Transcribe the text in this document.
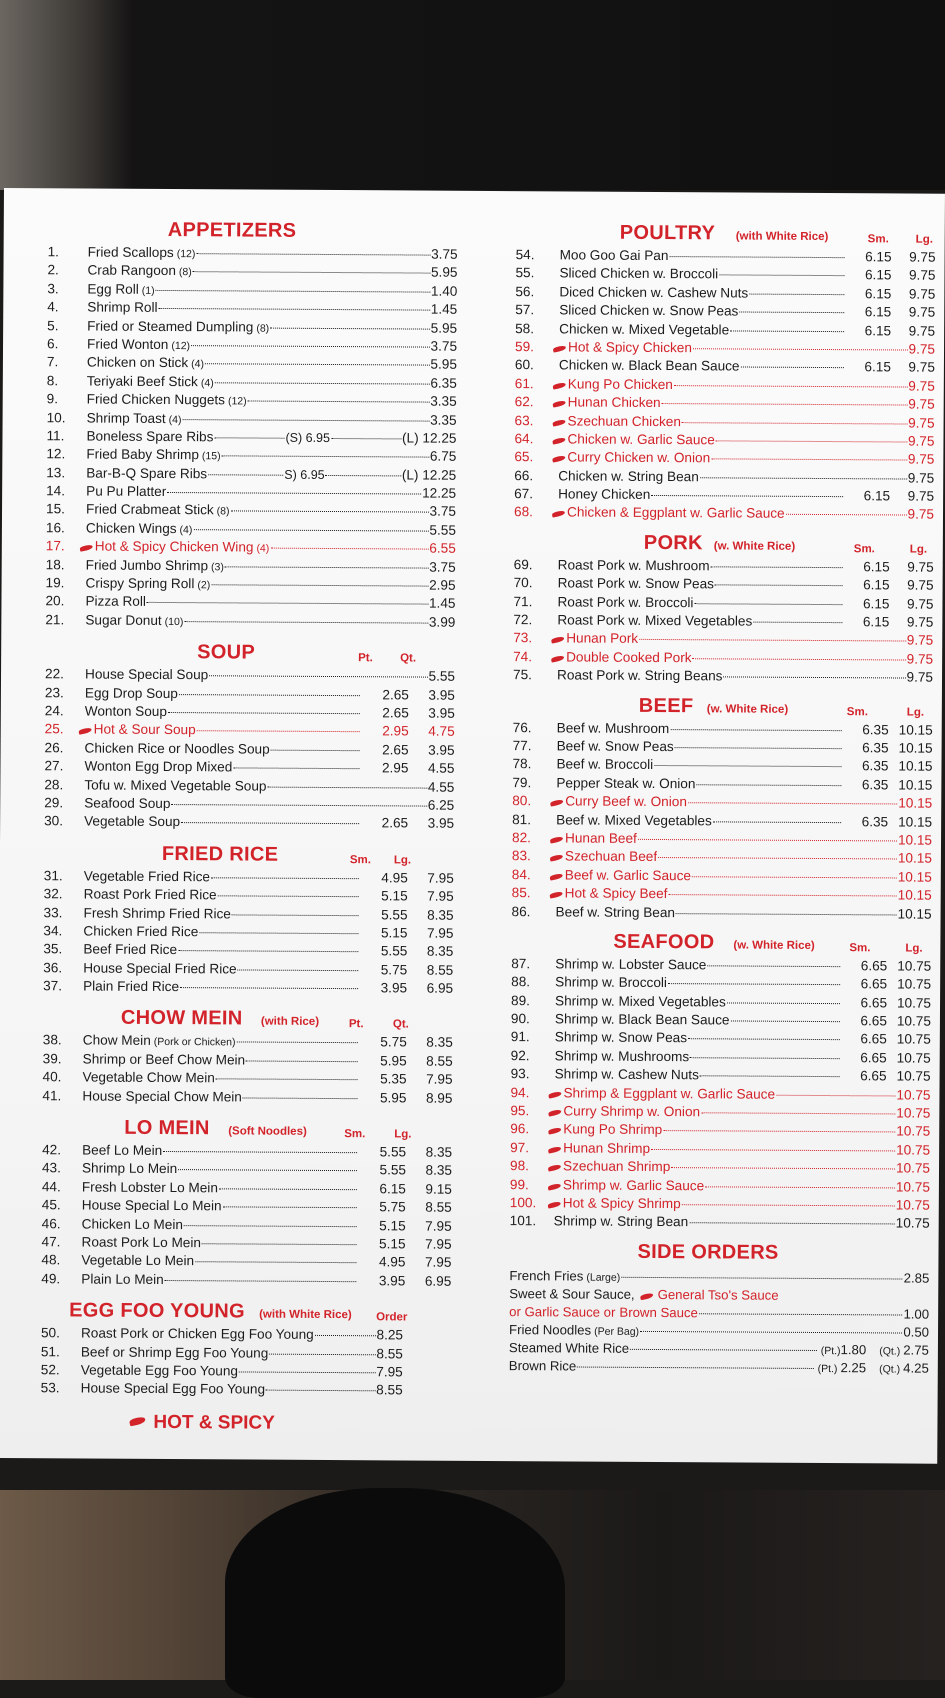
APPETIZERS
1.	Fried Scallops (12)	3.75
2.	Crab Rangoon (8)	5.95
3.	Egg Roll (1)	1.40
4.	Shrimp Roll	1.45
5.	Fried or Steamed Dumpling (8)	5.95
6.	Fried Wonton (12)	3.75
7.	Chicken on Stick (4)	5.95
8.	Teriyaki Beef Stick (4)	6.35
9.	Fried Chicken Nuggets (12)	3.35
10.	Shrimp Toast (4)	3.35
11.	Boneless Spare Ribs	(S) 6.95	(L) 12.25
12.	Fried Baby Shrimp (15)	6.75
13.	Bar-B-Q Spare Ribs	S) 6.95	(L) 12.25
14.	Pu Pu Platter	12.25
15.	Fried Crabmeat Stick (8)	3.75
16.	Chicken Wings (4)	5.55
17.	Hot & Spicy Chicken Wing (4)	6.55
18.	Fried Jumbo Shrimp (3)	3.75
19.	Crispy Spring Roll (2)	2.95
20.	Pizza Roll	1.45
21.	Sugar Donut (10)	3.99
SOUP	Pt. Qt.
22.	House Special Soup	5.55
23.	Egg Drop Soup	2.65	3.95
24.	Wonton Soup	2.65	3.95
25.	Hot & Sour Soup	2.95	4.75
26.	Chicken Rice or Noodles Soup	2.65	3.95
27.	Wonton Egg Drop Mixed	2.95	4.55
28.	Tofu w. Mixed Vegetable Soup	4.55
29.	Seafood Soup	6.25
30.	Vegetable Soup	2.65	3.95
FRIED RICE	Sm. Lg.
31.	Vegetable Fried Rice	4.95	7.95
32.	Roast Pork Fried Rice	5.15	7.95
33.	Fresh Shrimp Fried Rice	5.55	8.35
34.	Chicken Fried Rice	5.15	7.95
35.	Beef Fried Rice	5.55	8.35
36.	House Special Fried Rice	5.75	8.55
37.	Plain Fried Rice	3.95	6.95
CHOW MEIN (with Rice)	Pt.	Qt.
38.	Chow Mein (Pork or Chicken)	5.75	8.35
39.	Shrimp or Beef Chow Mein	5.95	8.55
40.	Vegetable Chow Mein	5.35	7.95
41.	House Special Chow Mein	5.95	8.95
LO MEIN (Soft Noodles)	Sm.	Lg.
42.	Beef Lo Mein	5.55	8.35
43.	Shrimp Lo Mein	5.55	8.35
44.	Fresh Lobster Lo Mein	6.15	9.15
45.	House Special Lo Mein	5.75	8.55
46.	Chicken Lo Mein	5.15	7.95
47.	Roast Pork Lo Mein	5.15	7.95
48.	Vegetable Lo Mein	4.95	7.95
49.	Plain Lo Mein	3.95	6.95
EGG FOO YOUNG (with White Rice) Order
50.	Roast Pork or Chicken Egg Foo Young	8.25
51.	Beef or Shrimp Egg Foo Young	8.55
52.	Vegetable Egg Foo Young	7.95
53.	House Special Egg Foo Young	8.55
HOT & SPICY
POULTRY (with White Rice)	Sm. Lg.
54.	Moo Goo Gai Pan	6.15	9.75
55.	Sliced Chicken w. Broccoli	6.15	9.75
56.	Diced Chicken w. Cashew Nuts	6.15	9.75
57.	Sliced Chicken w. Snow Peas	6.15	9.75
58.	Chicken w. Mixed Vegetable	6.15	9.75
59.	Hot & Spicy Chicken	9.75
60.	Chicken w. Black Bean Sauce	6.15	9.75
61.	Kung Po Chicken	9.75
62.	Hunan Chicken	9.75
63.	Szechuan Chicken	9.75
64.	Chicken w. Garlic Sauce	9.75
65.	Curry Chicken w. Onion	9.75
66.	Chicken w. String Bean	9.75
67.	Honey Chicken	6.15	9.75
68.	Chicken & Eggplant w. Garlic Sauce	9.75
PORK (w. White Rice)	Sm.	Lg.
69.	Roast Pork w. Mushroom	6.15	9.75
70.	Roast Pork w. Snow Peas	6.15	9.75
71.	Roast Pork w. Broccoli	6.15	9.75
72.	Roast Pork w. Mixed Vegetables	6.15	9.75
73.	Hunan Pork	9.75
74.	Double Cooked Pork	9.75
75.	Roast Pork w. String Beans	9.75
BEEF (w. White Rice)	Sm.	Lg.
76.	Beef w. Mushroom	6.35 10.15
77.	Beef w. Snow Peas	6.35 10.15
78.	Beef w. Broccoli	6.35 10.15
79.	Pepper Steak w. Onion	6.35 10.15
80.	Curry Beef w. Onion	10.15
81.	Beef w. Mixed Vegetables	6.35 10.15
82.	Hunan Beef	10.15
83.	Szechuan Beef	10.15
84.	Beef w. Garlic Sauce	10.15
85.	Hot & Spicy Beef	10.15
86.	Beef w. String Bean	10.15
SEAFOOD (w. White Rice)	Sm.	Lg.
87.	Shrimp w. Lobster Sauce	6.65 10.75
88.	Shrimp w. Broccoli	6.65 10.75
89.	Shrimp w. Mixed Vegetables	6.65 10.75
90.	Shrimp w. Black Bean Sauce	6.65 10.75
91.	Shrimp w. Snow Peas	6.65 10.75
92.	Shrimp w. Mushrooms	6.65 10.75
93.	Shrimp w. Cashew Nuts	6.65 10.75
94.	Shrimp & Eggplant w. Garlic Sauce	10.75
95.	Curry Shrimp w. Onion	10.75
96.	Kung Po Shrimp	10.75
97.	Hunan Shrimp	10.75
98.	Szechuan Shrimp	10.75
99.	Shrimp w. Garlic Sauce	10.75
100.	Hot & Spicy Shrimp	10.75
101.	Shrimp w. String Bean	10.75
SIDE ORDERS
French Fries (Large)	2.85
Sweet & Sour Sauce, General Tso's Sauce
or Garlic Sauce or Brown Sauce	1.00
Fried Noodles (Per Bag)	0.50
Steamed White Rice	(Pt.) 1.80 (Qt.) 2.75
Brown Rice	(Pt.) 2.25 (Qt.) 4.25
